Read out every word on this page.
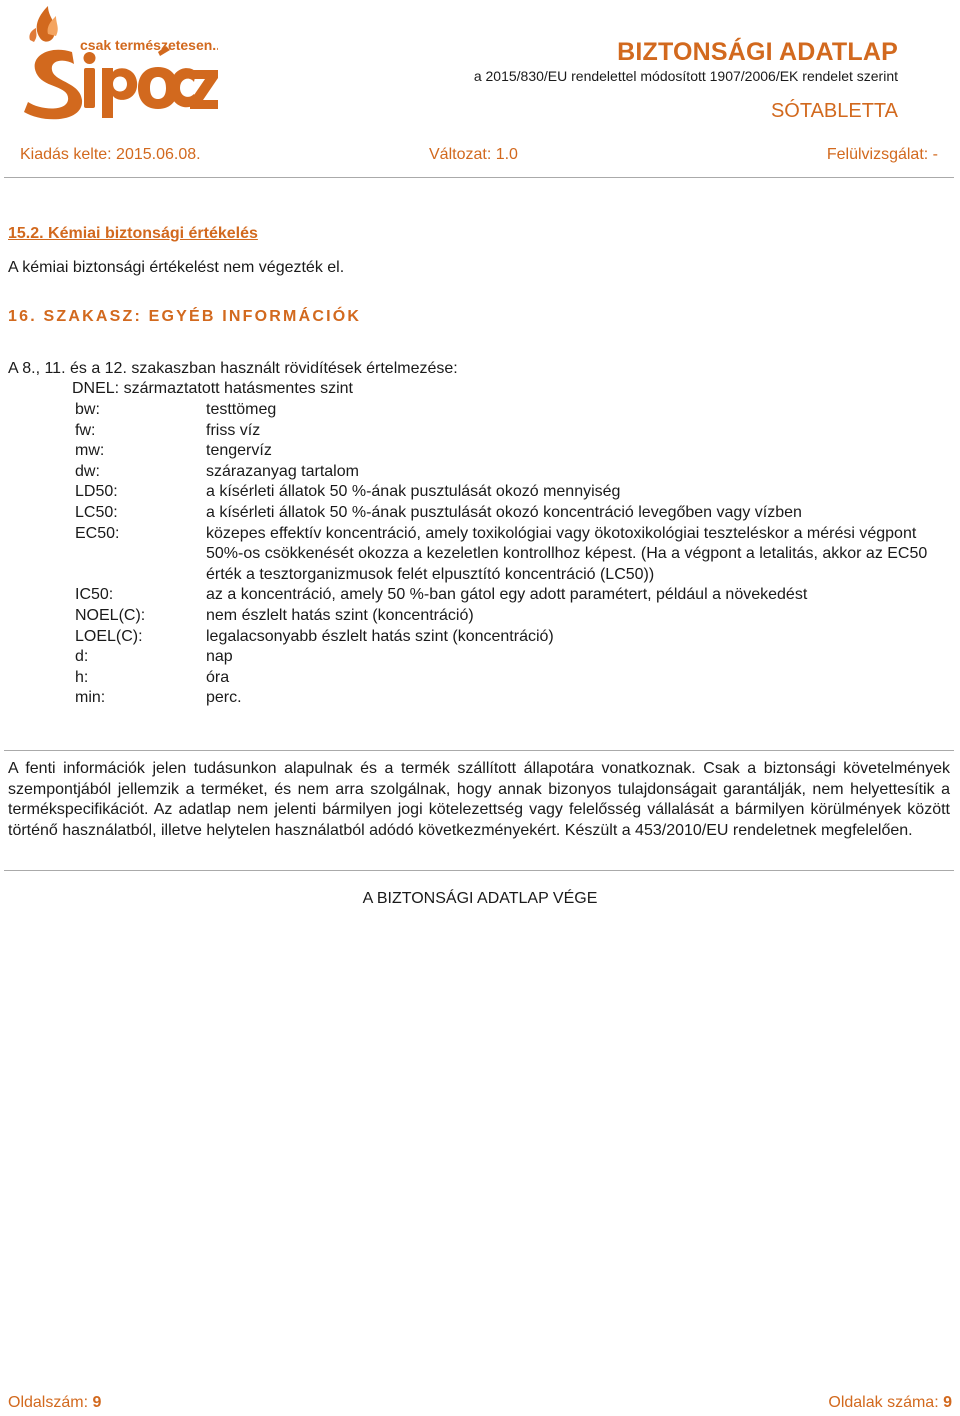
csak természetesen...	BIZTONSÁGI ADATLAP
a 2015/830/EU rendelettel módosított 1907/2006/EK rendelet szerint
SÓTABLETTA
Kiadás kelte: 2015.06.08.	Változat: 1.0	Felülvizsgálat: -
15.2. Kémiai biztonsági értékelés
A kémiai biztonsági értékelést nem végezték el.
16. SZAKASZ: EGYÉB INFORMÁCIÓK
A 8., 11. és a 12. szakaszban használt rövidítések értelmezése:
DNEL: származtatott hatásmentes szint
bw:	testtömeg
fw:	friss víz
mw:	tengervíz
dw:	szárazanyag tartalom
LD50:	a kísérleti állatok 50 %-ának pusztulását okozó mennyiség
LC50:	a kísérleti állatok 50 %-ának pusztulását okozó koncentráció levegőben vagy vízben
EC50:	közepes effektív koncentráció, amely toxikológiai vagy ökotoxikológiai teszteléskor a mérési végpont 50%-os csökkenését okozza a kezeletlen kontrollhoz képest. (Ha a végpont a letalitás, akkor az EC50 érték a tesztorganizmusok felét elpusztító koncentráció (LC50))
IC50:	az a koncentráció, amely 50 %-ban gátol egy adott paramétert, például a növekedést
NOEL(C):	nem észlelt hatás szint (koncentráció)
LOEL(C):	legalacsonyabb észlelt hatás szint (koncentráció)
d:	nap
h:	óra
min:	perc.
A fenti információk jelen tudásunkon alapulnak és a termék szállított állapotára vonatkoznak. Csak a biztonsági követelmények szempontjából jellemzik a terméket, és nem arra szolgálnak, hogy annak bizonyos tulajdonságait garantálják, nem helyettesítik a termékspecifikációt. Az adatlap nem jelenti bármilyen jogi kötelezettség vagy felelősség vállalását a bármilyen körülmények között történő használatból, illetve helytelen használatból adódó következményekért. Készült a 453/2010/EU rendeletnek megfelelően.
A BIZTONSÁGI ADATLAP VÉGE
Oldalszám: 9	Oldalak száma: 9
